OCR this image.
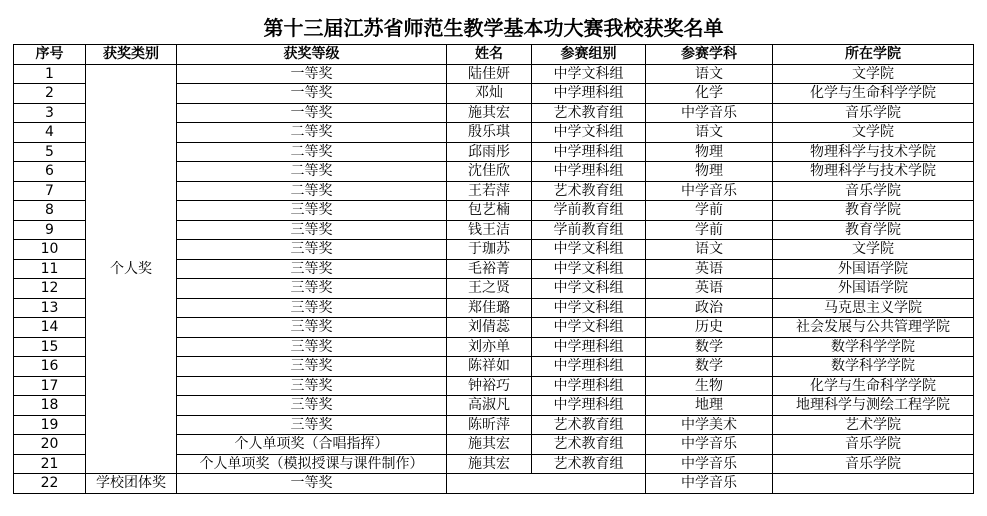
第十三届江苏省师范生教学基本功大赛我校获奖名单
序号	获奖类别	获奖等级	姓名	参赛组别	参赛学科	所在学院
1	个人奖	一等奖	陆佳妍	中学文科组	语文	文学院
2		一等奖	邓灿	中学理科组	化学	化学与生命科学学院
3		一等奖	施其宏	艺术教育组	中学音乐	音乐学院
4		二等奖	殷乐琪	中学文科组	语文	文学院
5		二等奖	邱雨彤	中学理科组	物理	物理科学与技术学院
6		二等奖	沈佳欣	中学理科组	物理	物理科学与技术学院
7		二等奖	王若萍	艺术教育组	中学音乐	音乐学院
8		三等奖	包艺楠	学前教育组	学前	教育学院
9		三等奖	钱王洁	学前教育组	学前	教育学院
10		三等奖	于珈苏	中学文科组	语文	文学院
11		三等奖	毛裕菁	中学文科组	英语	外国语学院
12		三等奖	王之贤	中学文科组	英语	外国语学院
13		三等奖	郑佳璐	中学文科组	政治	马克思主义学院
14		三等奖	刘倩蕊	中学文科组	历史	社会发展与公共管理学院
15		三等奖	刘亦单	中学理科组	数学	数学科学学院
16		三等奖	陈祥如	中学理科组	数学	数学科学学院
17		三等奖	钟裕巧	中学理科组	生物	化学与生命科学学院
18		三等奖	高淑凡	中学理科组	地理	地理科学与测绘工程学院
19		三等奖	陈昕萍	艺术教育组	中学美术	艺术学院
20		个人单项奖（合唱指挥）	施其宏	艺术教育组	中学音乐	音乐学院
21		个人单项奖（模拟授课与课件制作）	施其宏	艺术教育组	中学音乐	音乐学院
22	学校团体奖	一等奖			中学音乐	
